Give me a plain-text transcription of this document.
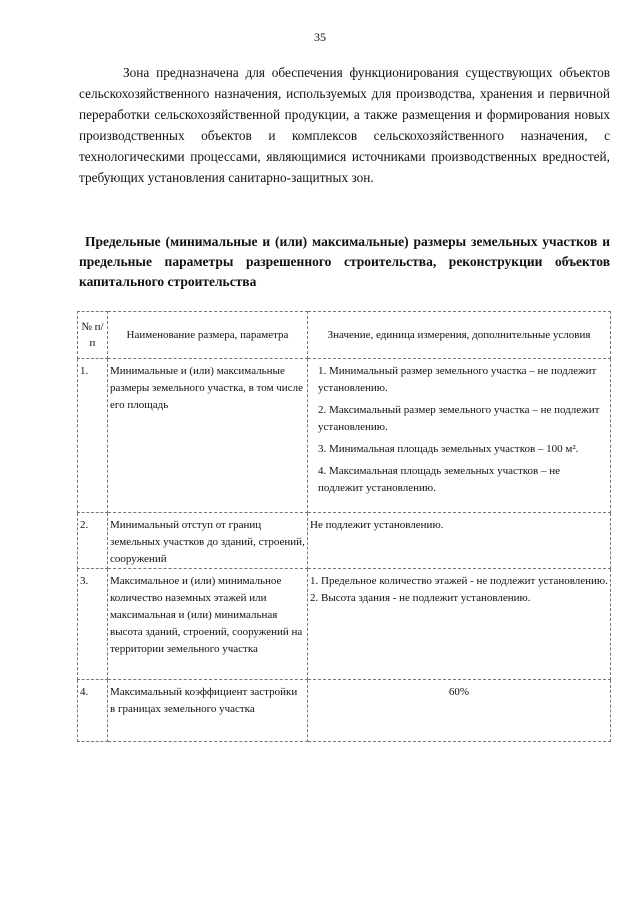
35

Зона предназначена для обеспечения функционирования существующих объектов сельскохозяйственного назначения, используемых для производства, хранения и первичной переработки сельскохозяйственной продукции, а также размещения и формирования новых производственных объектов и комплексов сельскохозяйственного назначения, с технологическими процессами, являющимися источниками производственных вредностей, требующих установления санитарно-защитных зон.

Предельные (минимальные и (или) максимальные) размеры земельных участков и предельные параметры разрешенного строительства, реконструкции объектов капитального строительства

№ п/п	Наименование размера, параметра	Значение, единица измерения, дополнительные условия
1.	Минимальные и (или) максимальные размеры земельного участка, в том числе его площадь	1. Минимальный размер земельного участка – не подлежит установлению.

2. Максимальный размер земельного участка – не подлежит установлению.

3. Минимальная площадь земельных участков – 100 м².

4. Максимальная площадь земельных участков – не подлежит установлению.

2.	Минимальный отступ от границ земельных участков до зданий, строений, сооружений	Не подлежит установлению.

3.	Максимальное и (или) минимальное количество наземных этажей или максимальная и (или) минимальная высота зданий, строений, сооружений на территории земельного участка	1. Предельное количество этажей - не подлежит установлению.

2. Высота здания - не подлежит установлению.

4.	Максимальный коэффициент застройки в границах земельного участка	60%
